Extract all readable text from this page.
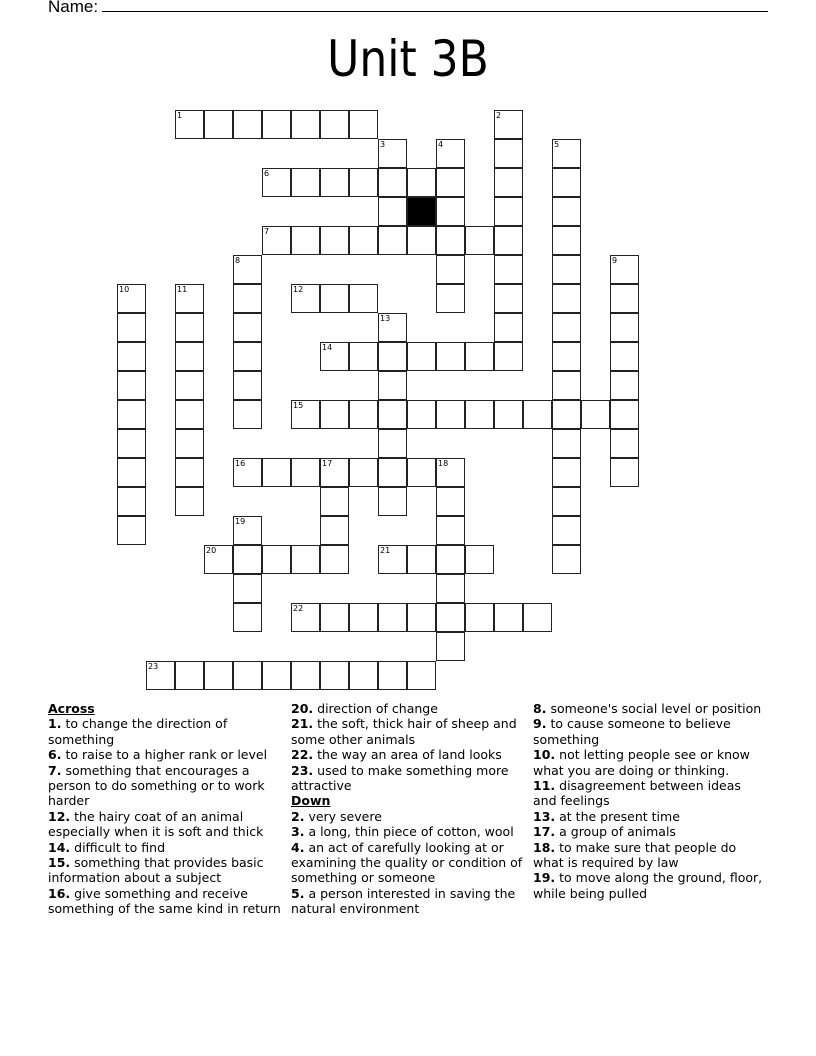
Name:
Unit 3B
1	2
3	4	5
6
7
8	9
10	11	12
13
14
15
16	17	18
19
20	21
22
23
Across
1. to change the direction of something
6. to raise to a higher rank or level
7. something that encourages a person to do something or to work harder
12. the hairy coat of an animal especially when it is soft and thick
14. difficult to find
15. something that provides basic information about a subject
16. give something and receive something of the same kind in return
20. direction of change
21. the soft, thick hair of sheep and some other animals
22. the way an area of land looks
23. used to make something more attractive
Down
2. very severe
3. a long, thin piece of cotton, wool
4. an act of carefully looking at or examining the quality or condition of something or someone
5. a person interested in saving the natural environment
8. someone's social level or position
9. to cause someone to believe something
10. not letting people see or know what you are doing or thinking.
11. disagreement between ideas and feelings
13. at the present time
17. a group of animals
18. to make sure that people do what is required by law
19. to move along the ground, floor, while being pulled
